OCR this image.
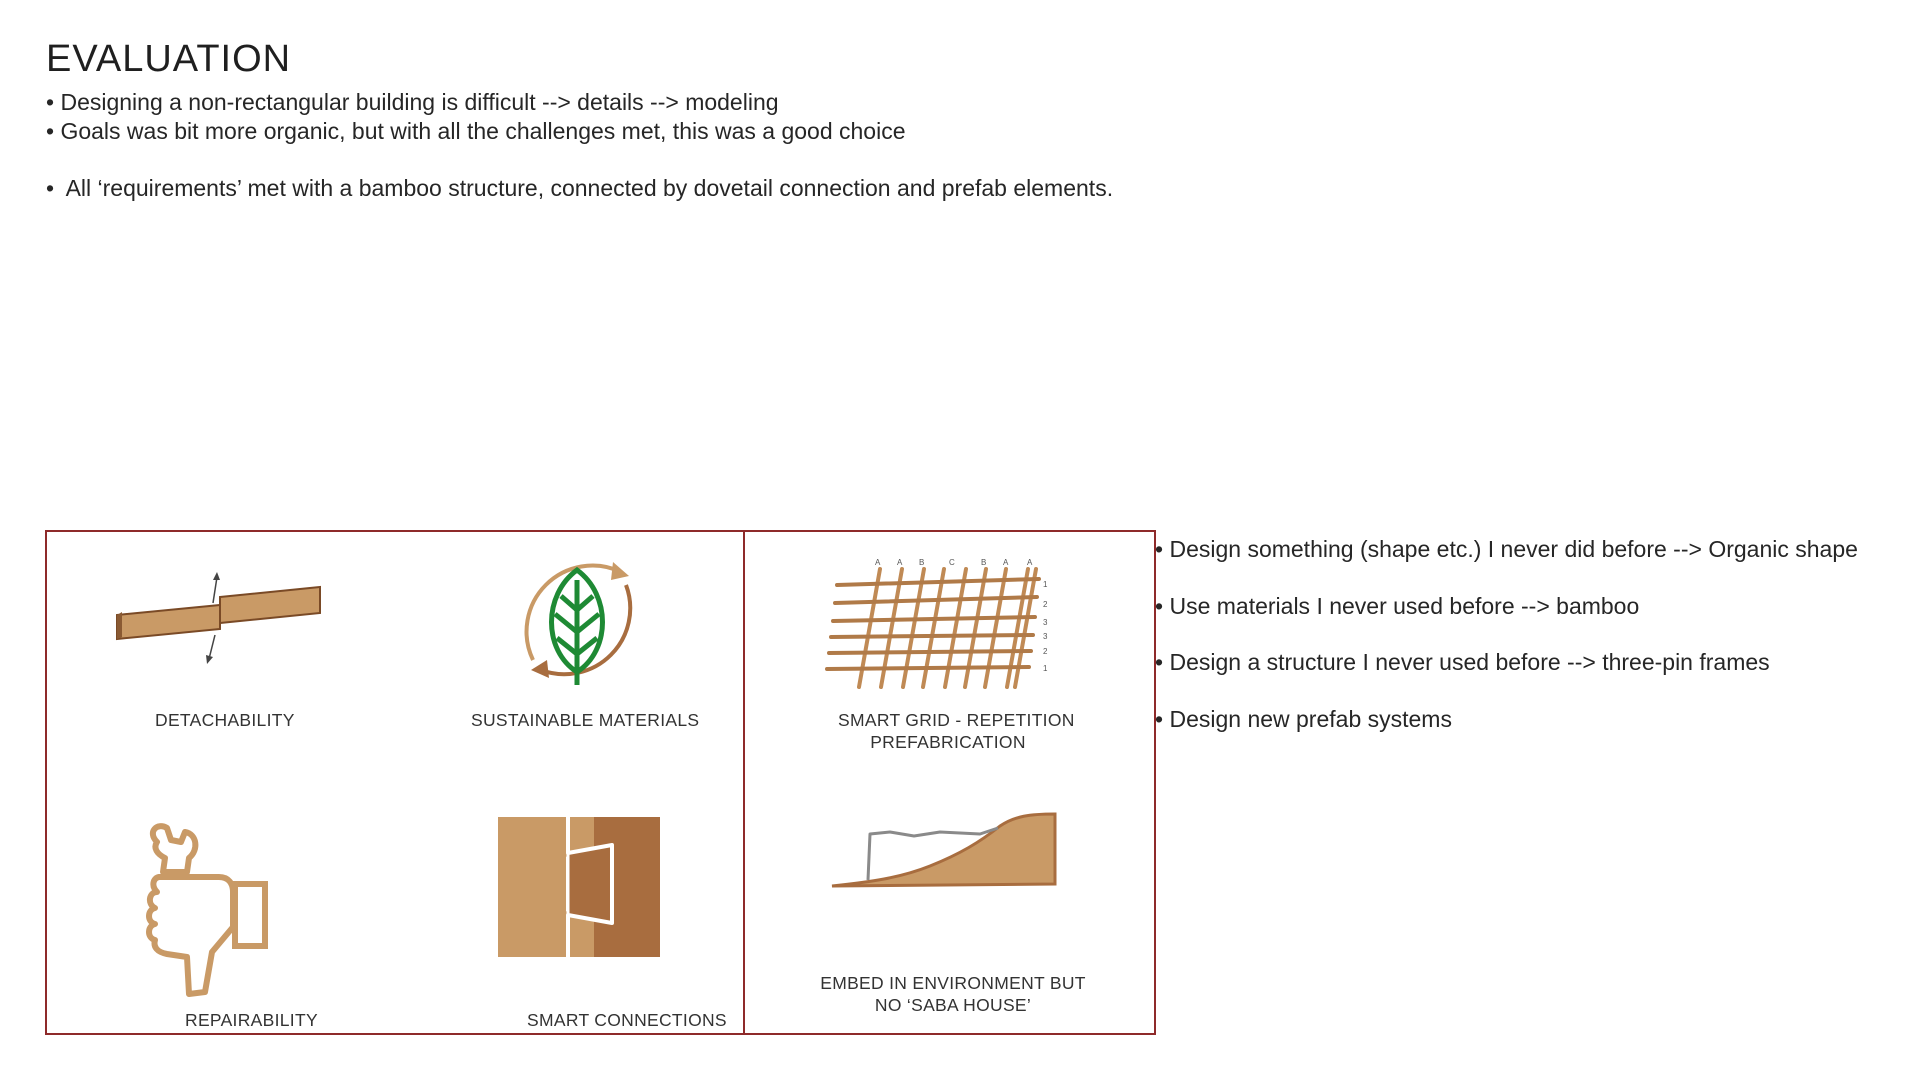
EVALUATION
• Designing a non-rectangular building is difficult --> details --> modeling
• Goals was bit more organic, but with all the challenges met, this was a good choice
• All ‘requirements’ met with a bamboo structure, connected by dovetail connection and prefab elements.
DETACHABILITY	SUSTAINABLE MATERIALS
REPAIRABILITY	SMART CONNECTIONS
A A B	C	B A A
1
2
3
3
2
1
SMART GRID - REPETITION
PREFABRICATION
EMBED IN ENVIRONMENT BUT
NO ‘SABA HOUSE’
• Design something (shape etc.) I never did before --> Organic shape
• Use materials I never used before --> bamboo
• Design a structure I never used before --> three-pin frames
• Design new prefab systems
